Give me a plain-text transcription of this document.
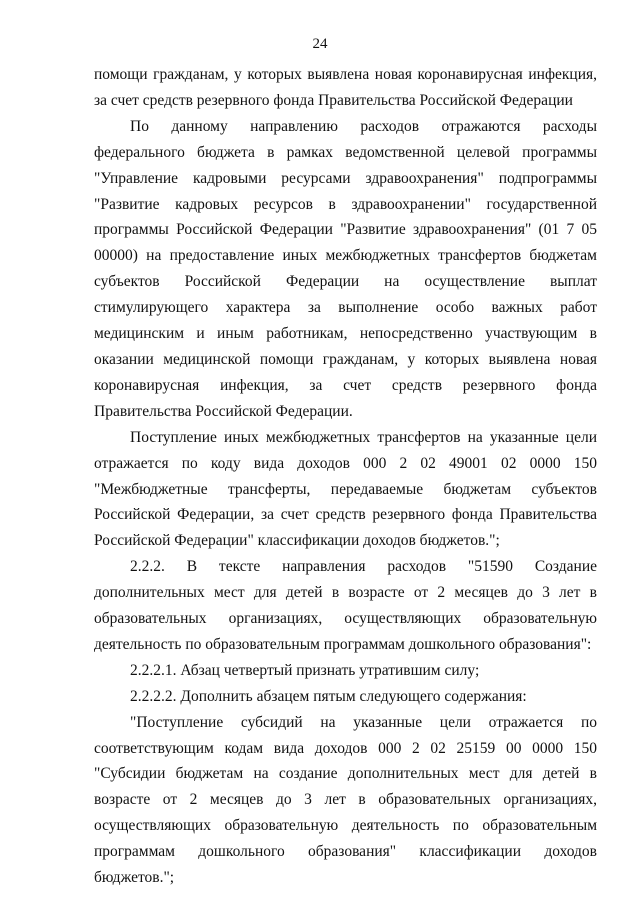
24

помощи гражданам, у которых выявлена новая коронавирусная инфекция, за счет средств резервного фонда Правительства Российской Федерации

По данному направлению расходов отражаются расходы федерального бюджета в рамках ведомственной целевой программы "Управление кадровыми ресурсами здравоохранения" подпрограммы "Развитие кадровых ресурсов в здравоохранении" государственной программы Российской Федерации "Развитие здравоохранения" (01 7 05 00000) на предоставление иных межбюджетных трансфертов бюджетам субъектов Российской Федерации на осуществление выплат стимулирующего характера за выполнение особо важных работ медицинским и иным работникам, непосредственно участвующим в оказании медицинской помощи гражданам, у которых выявлена новая коронавирусная инфекция, за счет средств резервного фонда Правительства Российской Федерации.

Поступление иных межбюджетных трансфертов на указанные цели отражается по коду вида доходов 000 2 02 49001 02 0000 150 "Межбюджетные трансферты, передаваемые бюджетам субъектов Российской Федерации, за счет средств резервного фонда Правительства Российской Федерации" классификации доходов бюджетов.";

2.2.2. В тексте направления расходов "51590 Создание дополнительных мест для детей в возрасте от 2 месяцев до 3 лет в образовательных организациях, осуществляющих образовательную деятельность по образовательным программам дошкольного образования":

2.2.2.1. Абзац четвертый признать утратившим силу;

2.2.2.2. Дополнить абзацем пятым следующего содержания:

"Поступление субсидий на указанные цели отражается по соответствующим кодам вида доходов 000 2 02 25159 00 0000 150 "Субсидии бюджетам на создание дополнительных мест для детей в возрасте от 2 месяцев до 3 лет в образовательных организациях, осуществляющих образовательную деятельность по образовательным программам дошкольного образования" классификации доходов бюджетов.";
